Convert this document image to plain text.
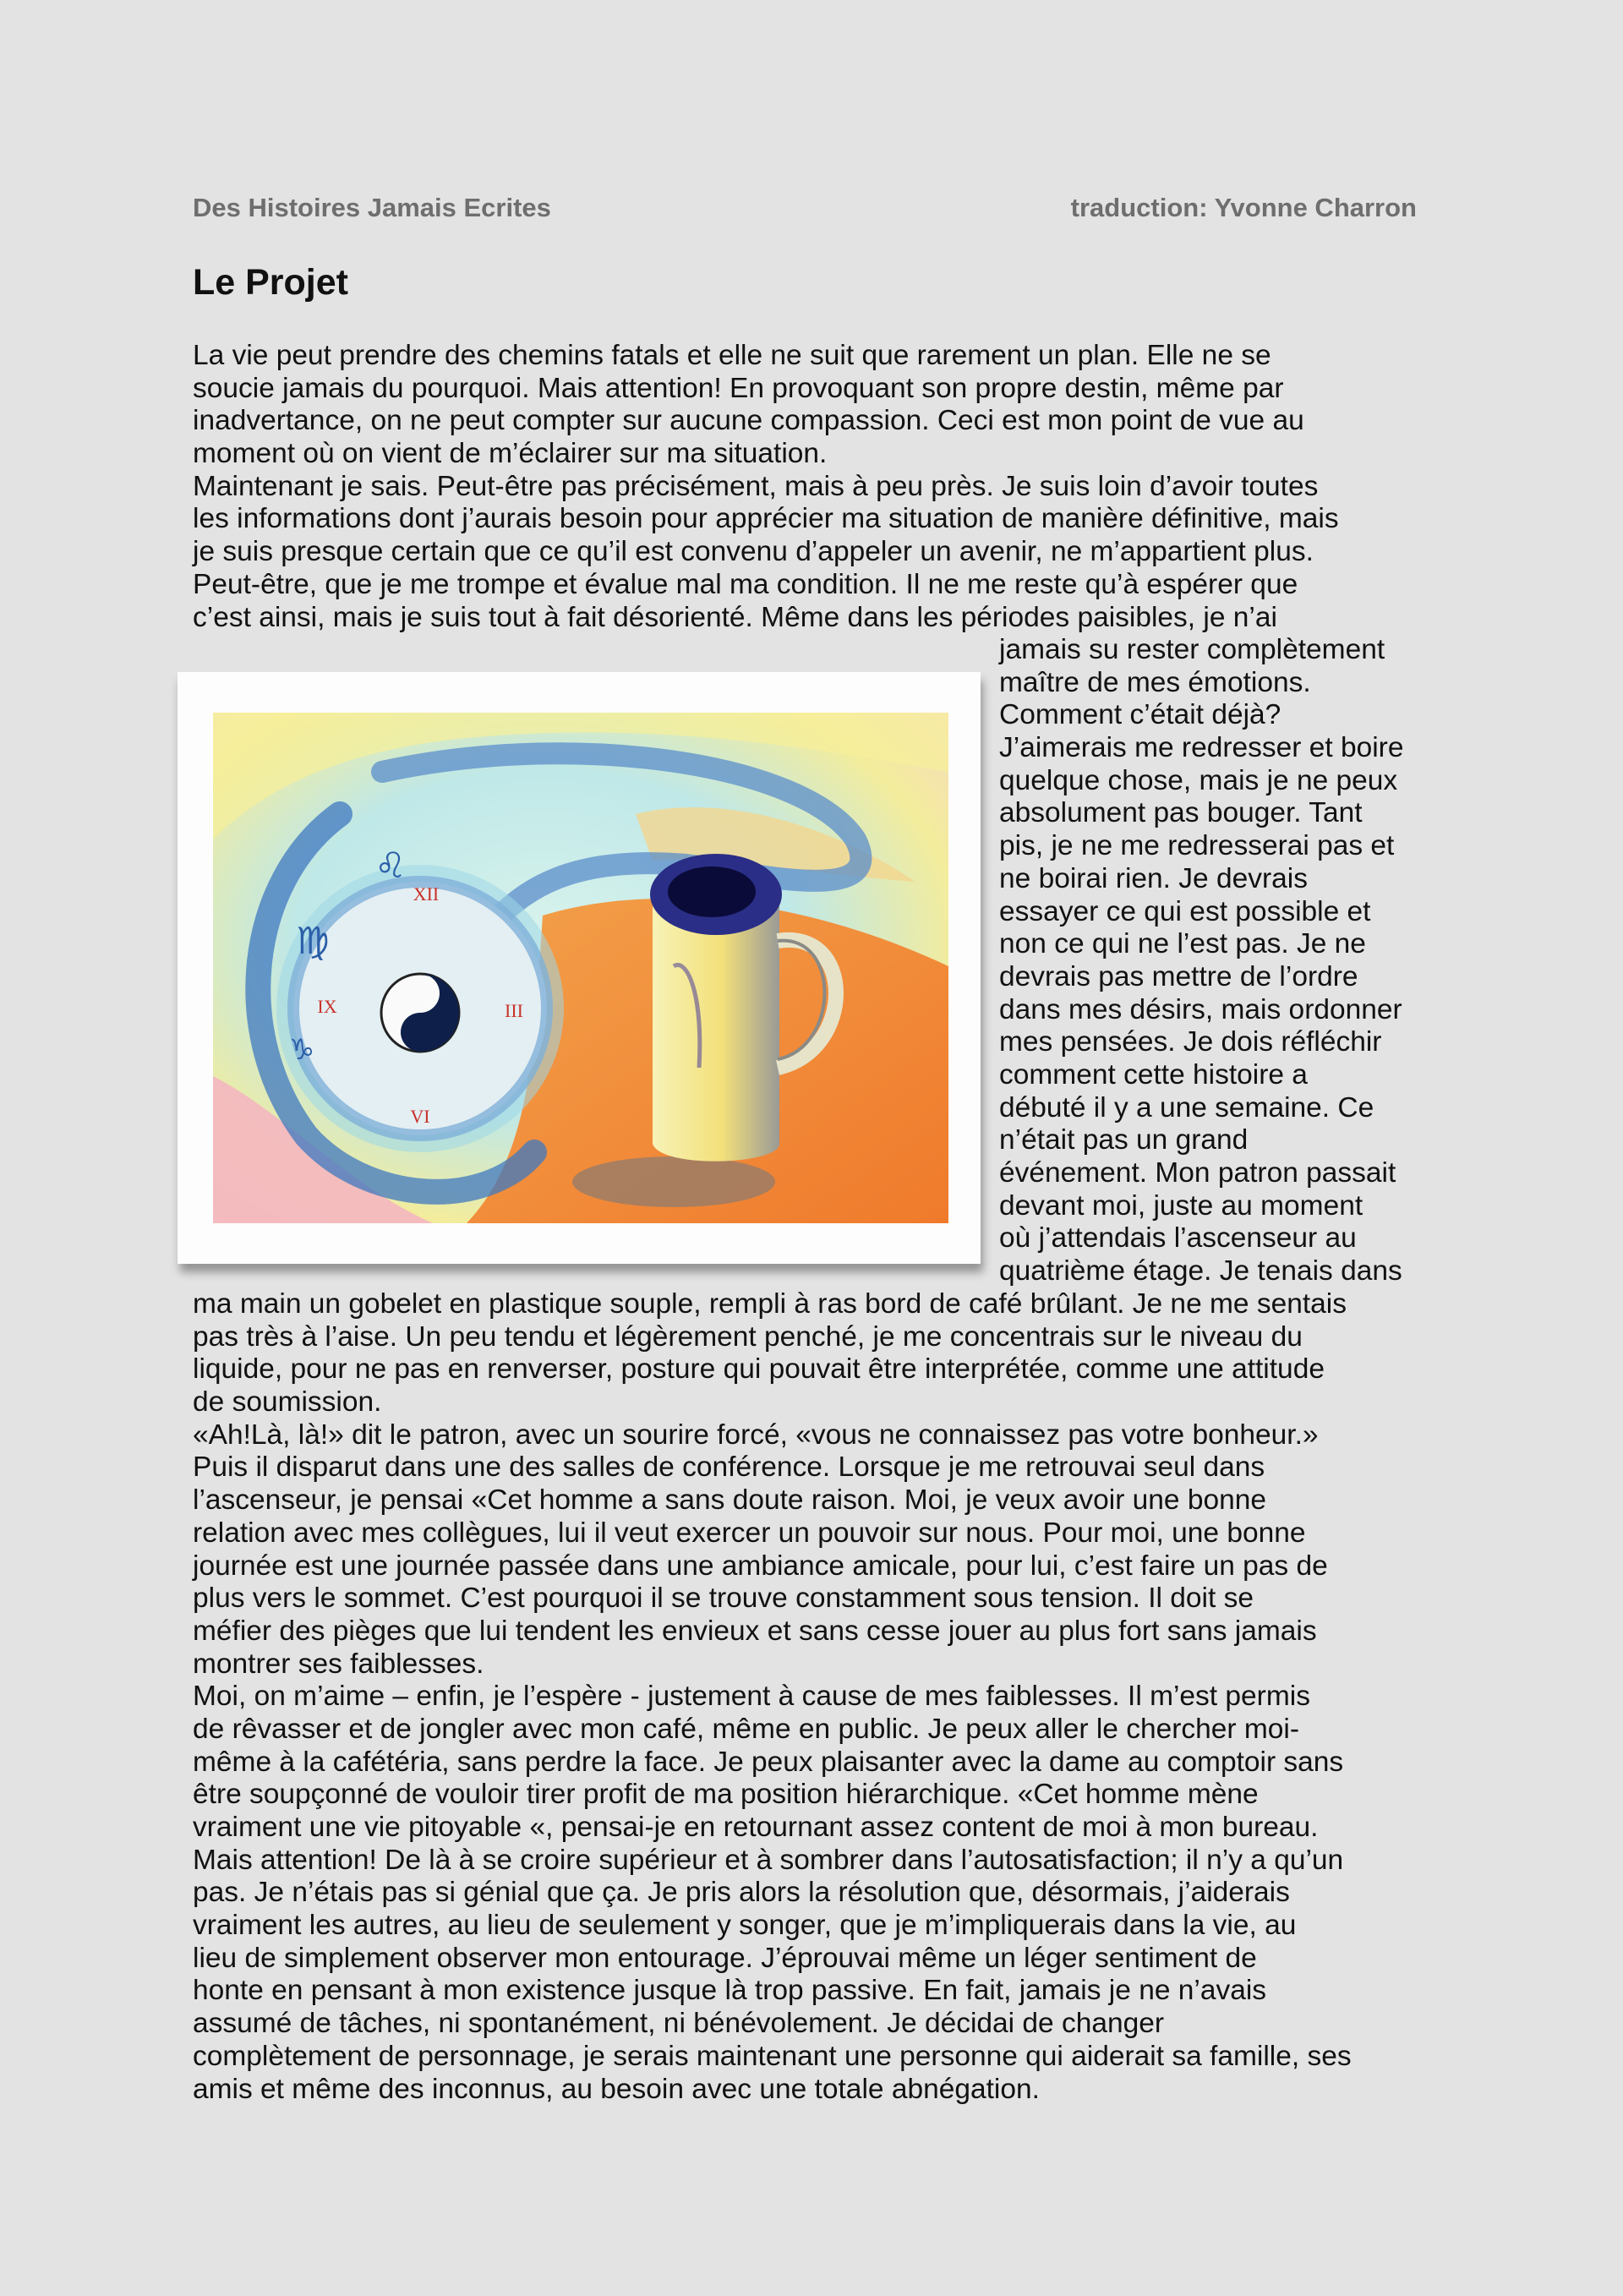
Des Histoires Jamais Ecrites	traduction: Yvonne Charron
Le Projet
La vie peut prendre des chemins fatals et elle ne suit que rarement un plan. Elle ne se
soucie jamais du pourquoi. Mais attention! En provoquant son propre destin, même par
inadvertance, on ne peut compter sur aucune compassion. Ceci est mon point de vue au
moment où on vient de m’éclairer sur ma situation.
Maintenant je sais. Peut-être pas précisément, mais à peu près. Je suis loin d’avoir toutes
les informations dont j’aurais besoin pour apprécier ma situation de manière définitive, mais
je suis presque certain que ce qu’il est convenu d’appeler un avenir, ne m’appartient plus.
Peut-être, que je me trompe et évalue mal ma condition. Il ne me reste qu’à espérer que
c’est ainsi, mais je suis tout à fait désorienté. Même dans les périodes paisibles, je n’ai
jamais su rester complètement
maître de mes émotions.
Comment c’était déjà?
J’aimerais me redresser et boire
quelque chose, mais je ne peux
absolument pas bouger. Tant
pis, je ne me redresserai pas et
ne boirai rien. Je devrais
essayer ce qui est possible et
non ce qui ne l’est pas. Je ne
devrais pas mettre de l’ordre
dans mes désirs, mais ordonner
mes pensées. Je dois réfléchir
comment cette histoire a
débuté il y a une semaine. Ce
n’était pas un grand
événement. Mon patron passait
devant moi, juste au moment
où j’attendais l’ascenseur au
quatrième étage. Je tenais dans
ma main un gobelet en plastique souple, rempli à ras bord de café brûlant. Je ne me sentais
pas très à l’aise. Un peu tendu et légèrement penché, je me concentrais sur le niveau du
liquide, pour ne pas en renverser, posture qui pouvait être interprétée, comme une attitude
de soumission.
«Ah!Là, là!» dit le patron, avec un sourire forcé, «vous ne connaissez pas votre bonheur.»
Puis il disparut dans une des salles de conférence. Lorsque je me retrouvai seul dans
l’ascenseur, je pensai «Cet homme a sans doute raison. Moi, je veux avoir une bonne
relation avec mes collègues, lui il veut exercer un pouvoir sur nous. Pour moi, une bonne
journée est une journée passée dans une ambiance amicale, pour lui, c’est faire un pas de
plus vers le sommet. C’est pourquoi il se trouve constamment sous tension. Il doit se
méfier des pièges que lui tendent les envieux et sans cesse jouer au plus fort sans jamais
montrer ses faiblesses.
Moi, on m’aime – enfin, je l’espère - justement à cause de mes faiblesses. Il m’est permis
de rêvasser et de jongler avec mon café, même en public. Je peux aller le chercher moi-
même à la cafétéria, sans perdre la face. Je peux plaisanter avec la dame au comptoir sans
être soupçonné de vouloir tirer profit de ma position hiérarchique. «Cet homme mène
vraiment une vie pitoyable «, pensai-je en retournant assez content de moi à mon bureau.
Mais attention! De là à se croire supérieur et à sombrer dans l’autosatisfaction; il n’y a qu’un
pas. Je n’étais pas si génial que ça. Je pris alors la résolution que, désormais, j’aiderais
vraiment les autres, au lieu de seulement y songer, que je m’impliquerais dans la vie, au
lieu de simplement observer mon entourage. J’éprouvai même un léger sentiment de
honte en pensant à mon existence jusque là trop passive. En fait, jamais je ne n’avais
assumé de tâches, ni spontanément, ni bénévolement. Je décidai de changer
complètement de personnage, je serais maintenant une personne qui aiderait sa famille, ses
amis et même des inconnus, au besoin avec une totale abnégation.
XII
III
VI
IX
♌
♍
♑
